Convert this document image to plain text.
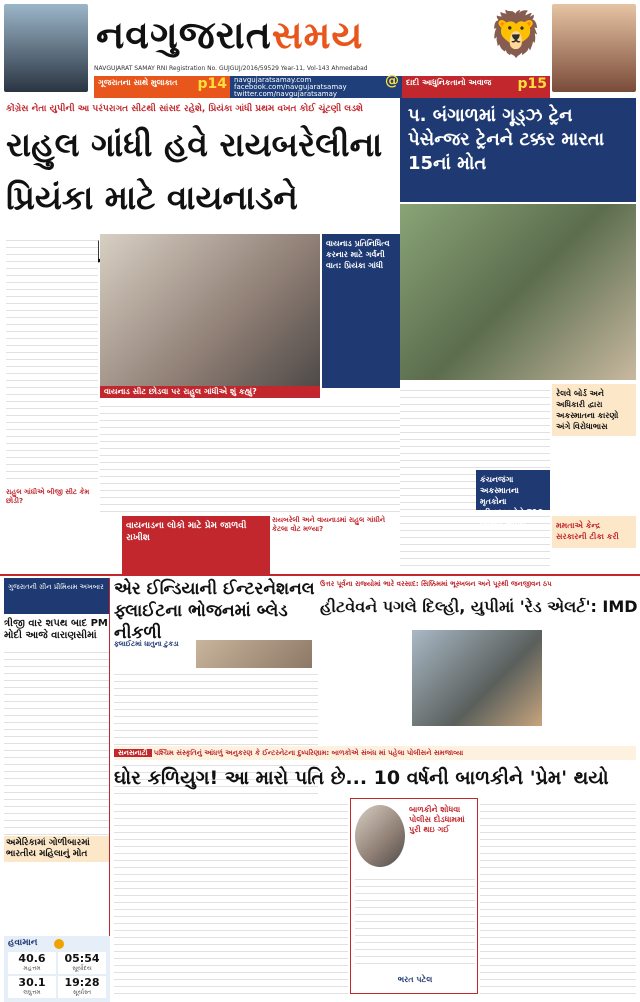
નવગુજરાતસમય	🦁
NAVGUJARAT SAMAY RNI Registration No. GUJGUJ/2016/59529 Year-11, Vol-143 Ahmedabad
ગૂજરાતના સાથે મુલાકાત	p14 navgujaratsamay.com
facebook.com/navgujaratsamay
twitter.com/navgujaratsamay
@ દાદી આધુનિકતાનો અવાજ	p15
કોંગ્રેસ નેતા યુપીની આ પરંપરાગત સીટથી સાંસદ રહેશે, પ્રિયંકા ગાંધી પ્રથમ વખત કોઈ ચૂંટણી લડશે
રાહુલ ગાંધી હવે રાયબરેલીના
પ્રિયંકા માટે વાયનાડને
વાયનાડ સીટ છોડવા પર રાહુલ ગાંધીએ શું કહ્યું?
વાયનાડ પ્રતિનિધિત્વ કરનાર માટે ગર્વની વાત: પ્રિયંકા ગાંધી
રાહુલ ગાંધીએ બીજી સીટ કેમ છોડી?
વાયનાડના લોકો માટે પ્રેમ જાળવી રાખીશ
રાયબરેલી અને વાયનાડમાં રાહુલ ગાંધીને કેટલા વોટ મળ્યા?
પ. બંગાળમાં ગૂડ્ઝ ટ્રેન પેસેન્જર ટ્રેનને ટક્કર મારતા 15નાં મોત
રેલવે બોર્ડ અને અધિકારી દ્વારા અકસ્માતના કારણો અંગે વિરોધાભાસ
કંચનજંગા અકસ્માતના મૃતકોના પરિવારજનોને ₹10 લાખની સહાય	મમતાએ કેન્દ્ર સરકારની ટીકા કરી
ગુજરાતની ગ્રીન પ્રીમિયમ અખબાર
ત્રીજી વાર શપથ બાદ PM મોદી આજે વારાણસીમાં
અમેરિકામાં ગોળીબારમાં ભારતીય મહિલાનું મોત
એર ઈન્ડિયાની ઈન્ટરનેશનલ
ફ્લાઈટના ભોજનમાં બ્લેડ નીકળી
ફ્લાઈટમાં ધાતુના ટુકડા
ઉત્તર પૂર્વના રાજ્યોમાં ભારે વરસાદ: સિક્કિમમાં ભૂસ્ખલન અને પૂરથી જનજીવન ઠપ
હીટવેવને પગલે દિલ્હી, યુપીમાં 'રેડ એલર્ટ': IMD
સનસનાટી પશ્ચિમ સંસ્કૃતિનું આંધળું અનુકરણ કે ઈન્ટરનેટના દુષ્પરિણામ: બાળકોએ સંબંધ માં પહેલા પોલીસને સમજાવ્યા
ઘોર કળિયુગ! આ મારો પતિ છે... 10 વર્ષની બાળકીને 'પ્રેમ' થયો
બાળકીને શોધવા પોલીસ દોડધામમાં પુરી થઇ ગઈ
ભરત પટેલ
હવામાન
40.6
મહત્તમ
05:54
સૂર્યોદય
30.1
લઘુત્તમ
19:28
સૂર્યાસ્ત
